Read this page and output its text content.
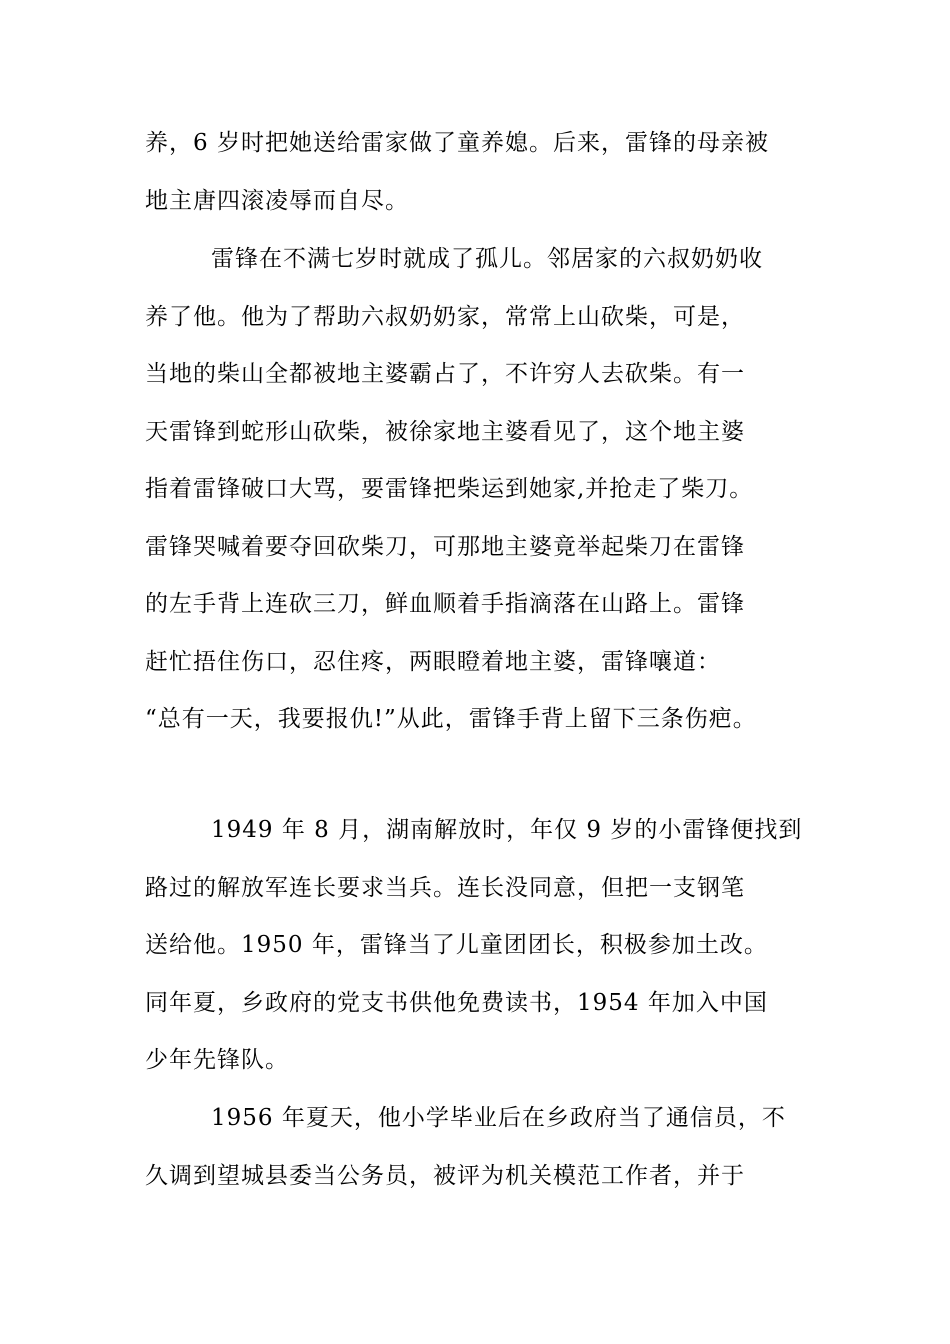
养，6 岁时把她送给雷家做了童养媳。后来，雷锋的母亲被
地主唐四滚凌辱而自尽。
雷锋在不满七岁时就成了孤儿。邻居家的六叔奶奶收
养了他。他为了帮助六叔奶奶家，常常上山砍柴，可是，
当地的柴山全都被地主婆霸占了，不许穷人去砍柴。有一
天雷锋到蛇形山砍柴，被徐家地主婆看见了，这个地主婆
指着雷锋破口大骂，要雷锋把柴运到她家,并抢走了柴刀。
雷锋哭喊着要夺回砍柴刀，可那地主婆竟举起柴刀在雷锋
的左手背上连砍三刀，鲜血顺着手指滴落在山路上。雷锋
赶忙捂住伤口，忍住疼，两眼瞪着地主婆，雷锋嚷道：
“总有一天，我要报仇!”从此，雷锋手背上留下三条伤疤。
1949 年 8 月，湖南解放时，年仅 9 岁的小雷锋便找到
路过的解放军连长要求当兵。连长没同意，但把一支钢笔
送给他。1950 年，雷锋当了儿童团团长，积极参加土改。
同年夏，乡政府的党支书供他免费读书，1954 年加入中国
少年先锋队。
1956 年夏天，他小学毕业后在乡政府当了通信员，不
久调到望城县委当公务员，被评为机关模范工作者，并于
